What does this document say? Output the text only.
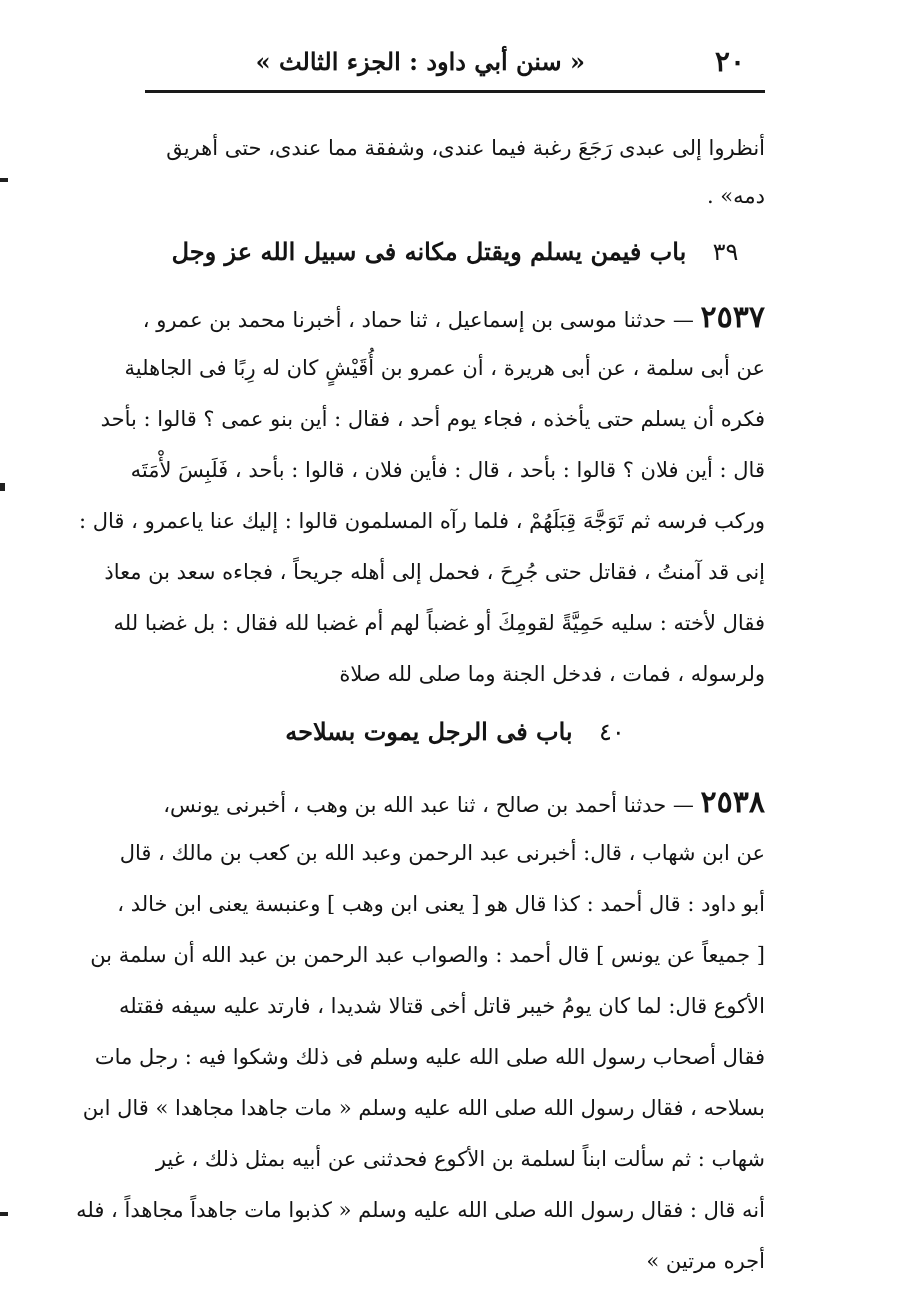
٢٠
« سنن أبي داود : الجزء الثالث »
أنظروا إلى عبدى رَجَعَ رغبة فيما عندى، وشفقة مما عندى، حتى أهريق
دمه» .
٣٩ باب فيمن يسلم ويقتل مكانه فى سبيل الله عز وجل
٢٥٣٧ — حدثنا موسى بن إسماعيل ، ثنا حماد ، أخبرنا محمد بن عمرو ،
عن أبى سلمة ، عن أبى هريرة ، أن عمرو بن أُقَيْشٍ كان له رِبًا فى الجاهلية
فكره أن يسلم حتى يأخذه ، فجاء يوم أحد ، فقال : أين بنو عمى ؟ قالوا : بأحد
قال : أين فلان ؟ قالوا : بأحد ، قال : فأين فلان ، قالوا : بأحد ، فَلَبِسَ لأْمَتَه
وركب فرسه ثم تَوَجَّهَ قِبَلَهُمْ ، فلما رآه المسلمون قالوا : إليك عنا ياعمرو ، قال :
إنى قد آمنتُ ، فقاتل حتى جُرِحَ ، فحمل إلى أهله جريحاً ، فجاءه سعد بن معاذ
فقال لأخته : سليه حَمِيَّةً لقومِكَ أو غضباً لهم أم غضبا لله فقال : بل غضبا لله
ولرسوله ، فمات ، فدخل الجنة وما صلى لله صلاة
٤٠ باب فى الرجل يموت بسلاحه
٢٥٣٨ — حدثنا أحمد بن صالح ، ثنا عبد الله بن وهب ، أخبرنى يونس،
عن ابن شهاب ، قال: أخبرنى عبد الرحمن وعبد الله بن كعب بن مالك ، قال
أبو داود : قال أحمد : كذا قال هو [ يعنى ابن وهب ] وعنبسة يعنى ابن خالد ،
[ جميعاً عن يونس ] قال أحمد : والصواب عبد الرحمن بن عبد الله أن سلمة بن
الأكوع قال: لما كان يومُ خيبر قاتل أخى قتالا شديدا ، فارتد عليه سيفه فقتله
فقال أصحاب رسول الله صلى الله عليه وسلم فى ذلك وشكوا فيه : رجل مات
بسلاحه ، فقال رسول الله صلى الله عليه وسلم « مات جاهدا مجاهدا » قال ابن
شهاب : ثم سألت ابناً لسلمة بن الأكوع فحدثنى عن أبيه بمثل ذلك ، غير
أنه قال : فقال رسول الله صلى الله عليه وسلم « كذبوا مات جاهداً مجاهداً ، فله
أجره مرتين »
